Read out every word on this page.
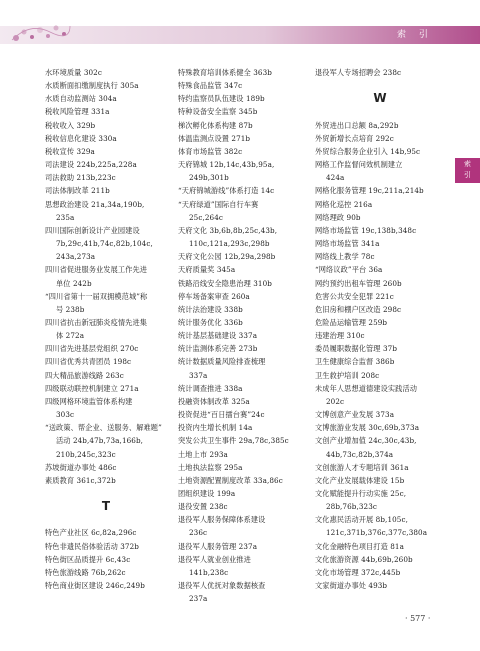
索 引
水环境质量 302c
水质断面扣缴制度执行 305a
水质自动监测站 304a
税收风险管理 331a
税收收入 329b
税收信息化建设 330a
税收宣传 329a
司法建设 224b,225a,228a
司法救助 213b,223c
司法体制改革 211b
思想政治建设 21a,34a,190b,
235a
四川国际创新设计产业园建设
7b,29c,41b,74c,82b,104c,
243a,273a
四川省促进服务业发展工作先进
单位 242b
“四川省第十一届双拥模范城”称
号 238b
四川省抗击新冠肺炎疫情先进集
体 272a
四川省先进基层党组织 270c
四川省优秀共青团员 198c
四大精品旅游线路 263c
四级联动联控机制建立 271a
四级网格环境监管体系构建
303c
“送政策、帮企业、送服务、解难题”
活动 24b,47b,73a,166b,
210b,245c,323c
苏坡街道办事处 486c
素质教育 361c,372b

T

特色产业社区 6c,82a,296c
特色非遗民俗体验活动 372b
特色街区品质提升 6c,43c
特色旅游线路 76b,262c
特色商业街区建设 246c,249b
特殊教育培训体系健全 363b
特殊食品监管 347c
特约监察员队伍建设 189b
特种设备安全监察 345b
梯次孵化体系构建 87b
体温监测点设置 271b
体育市场监管 382c
天府锦城 12b,14c,43b,95a,
249b,301b
“天府锦城游线”体系打造 14c
“天府绿道”国际自行车赛
25c,264c
天府文化 3b,6b,8b,25c,43b,
110c,121a,293c,298b
天府文化公园 12b,29a,298b
天府质量奖 345a
铁路沿线安全隐患治理 310b
停车场备案审查 260a
统计法治建设 338b
统计服务优化 336b
统计基层基础建设 337a
统计监测体系完善 273b
统计数据质量风险排查梳理
337a
统计调查推进 338a
投融资体制改革 325a
投资促进“百日擂台赛”24c
投资内生增长机制 14a
突发公共卫生事件 29a,78c,385c
土地上市 293a
土地执法监察 295a
土地资源配置制度改革 33a,86c
团组织建设 199a
退役安置 238c
退役军人服务保障体系建设
236c
退役军人服务管理 237a
退役军人就业创业推进
141b,238c
退役军人优抚对象数据核查
237a
退役军人专场招聘会 238c

W

外贸进出口总额 8a,292b
外贸新增长点培育 292c
外贸综合服务企业引入 14b,95c
网格工作监督问效机制建立
424a
网格化服务管理 19c,211a,214b
网格化巡控 216a
网络理政 90b
网络市场监管 19c,138b,348c
网络市场监管 341a
网络线上教学 78c
“网络议政”平台 36a
网约预约出租车管理 260b
危害公共安全犯罪 221c
危旧房和棚户区改造 298c
危险品运输管理 259b
违建治理 310c
委员履职数据化管理 37b
卫生健康综合监督 386b
卫生救护培训 208c
未成年人思想道德建设实践活动
202c
文博创意产业发展 373a
文博旅游业发展 30c,69b,373a
文创产业增加值 24c,30c,43b,
44b,73c,82b,374a
文创旅游人才专题培训 361a
文化产业发展载体建设 15b
文化赋能提升行动实施 25c,
28b,76b,323c
文化惠民活动开展 8b,105c,
121c,371b,376c,377c,380a
文化金融特色项目打造 81a
文化旅游资源 44b,69b,260b
文化市场管理 372c,445b
文家街道办事处 493b
索
引
· 577 ·
